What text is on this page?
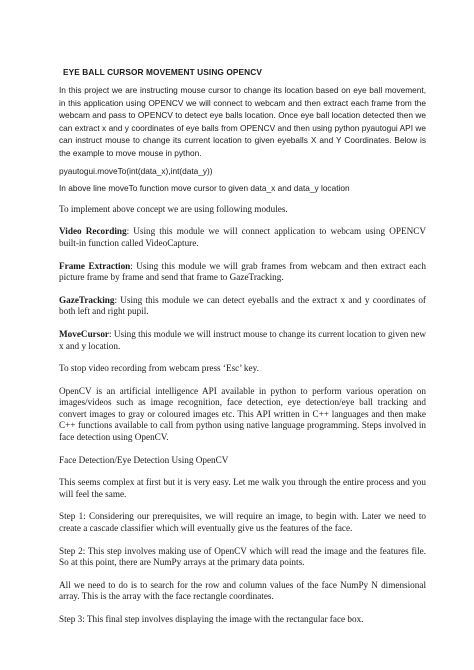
EYE BALL CURSOR MOVEMENT USING OPENCV

In this project we are instructing mouse cursor to change its location based on eye ball movement, in this application using OPENCV we will connect to webcam and then extract each frame from the webcam and pass to OPENCV to detect eye balls location. Once eye ball location detected then we can extract x and y coordinates of eye balls from OPENCV and then using python pyautogui API we can instruct mouse to change its current location to given eyeballs X and Y Coordinates. Below is the example to move mouse in python.

pyautogui.moveTo(int(data_x),int(data_y))

In above line moveTo function move cursor to given data_x and data_y location

To implement above concept we are using following modules.

Video Recording: Using this module we will connect application to webcam using OPENCV built-in function called VideoCapture.

Frame Extraction: Using this module we will grab frames from webcam and then extract each picture frame by frame and send that frame to GazeTracking.

GazeTracking: Using this module we can detect eyeballs and the extract x and y coordinates of both left and right pupil.

MoveCursor: Using this module we will instruct mouse to change its current location to given new x and y location.

To stop video recording from webcam press ‘Esc’ key.

OpenCV is an artificial intelligence API available in python to perform various operation on images/videos such as image recognition, face detection, eye detection/eye ball tracking and convert images to gray or coloured images etc. This API written in C++ languages and then make C++ functions available to call from python using native language programming. Steps involved in face detection using OpenCV.

Face Detection/Eye Detection Using OpenCV

This seems complex at first but it is very easy. Let me walk you through the entire process and you will feel the same.

Step 1: Considering our prerequisites, we will require an image, to begin with. Later we need to create a cascade classifier which will eventually give us the features of the face.

Step 2: This step involves making use of OpenCV which will read the image and the features file. So at this point, there are NumPy arrays at the primary data points.

All we need to do is to search for the row and column values of the face NumPy N dimensional array. This is the array with the face rectangle coordinates.

Step 3: This final step involves displaying the image with the rectangular face box.
